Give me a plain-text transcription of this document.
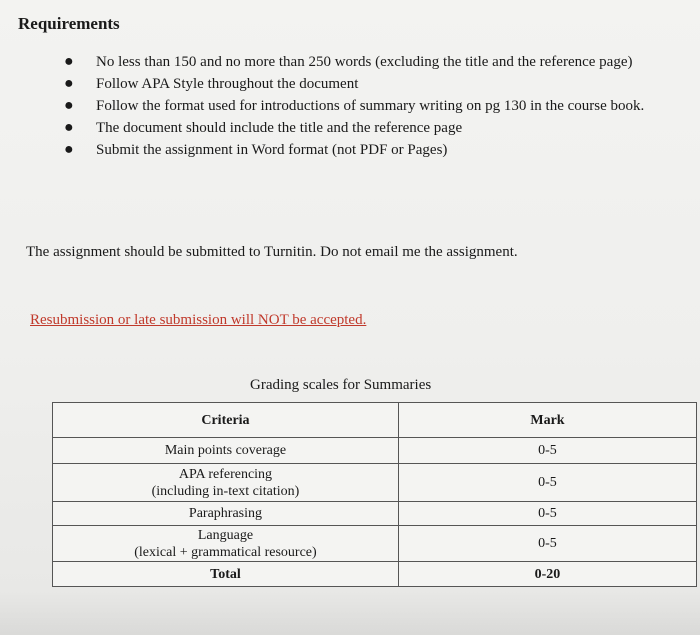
Requirements
● No less than 150 and no more than 250 words (excluding the title and the reference page)
● Follow APA Style throughout the document
● Follow the format used for introductions of summary writing on pg 130 in the course book.
● The document should include the title and the reference page
● Submit the assignment in Word format (not PDF or Pages)

The assignment should be submitted to Turnitin. Do not email me the assignment.

Resubmission or late submission will NOT be accepted.

Grading scales for Summaries

Criteria	Mark
Main points coverage	0-5
APA referencing
(including in-text citation)	0-5
Paraphrasing	0-5
Language
(lexical + grammatical resource)	0-5
Total	0-20
